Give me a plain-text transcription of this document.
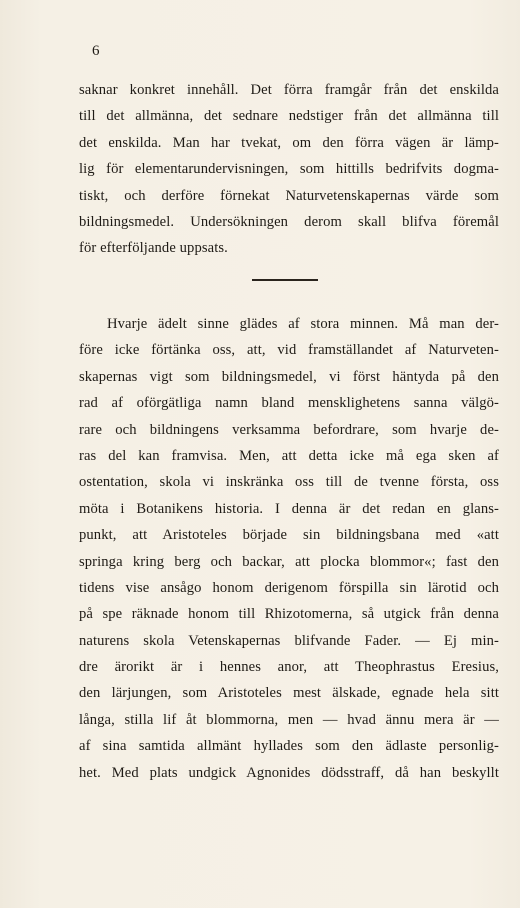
6
saknar konkret innehåll. Det förra framgår från det enskilda
till det allmänna, det sednare nedstiger från det allmänna till
det enskilda. Man har tvekat, om den förra vägen är lämp-
lig för elementarundervisningen, som hittills bedrifvits dogma-
tiskt, och derföre förnekat Naturvetenskapernas värde som
bildningsmedel. Undersökningen derom skall blifva föremål
för efterföljande uppsats.
Hvarje ädelt sinne glädes af stora minnen. Må man der-
före icke förtänka oss, att, vid framställandet af Naturveten-
skapernas vigt som bildningsmedel, vi först häntyda på den
rad af oförgätliga namn bland mensklighetens sanna välgö-
rare och bildningens verksamma befordrare, som hvarje de-
ras del kan framvisa. Men, att detta icke må ega sken af
ostentation, skola vi inskränka oss till de tvenne första, oss
möta i Botanikens historia. I denna är det redan en glans-
punkt, att Aristoteles började sin bildningsbana med «att
springa kring berg och backar, att plocka blommor«; fast den
tidens vise ansågo honom derigenom förspilla sin lärotid och
på spe räknade honom till Rhizotomerna, så utgick från denna
naturens skola Vetenskapernas blifvande Fader. — Ej min-
dre ärorikt är i hennes anor, att Theophrastus Eresius,
den lärjungen, som Aristoteles mest älskade, egnade hela sitt
långa, stilla lif åt blommorna, men — hvad ännu mera är —
af sina samtida allmänt hyllades som den ädlaste personlig-
het. Med plats undgick Agnonides dödsstraff, då han beskyllt
